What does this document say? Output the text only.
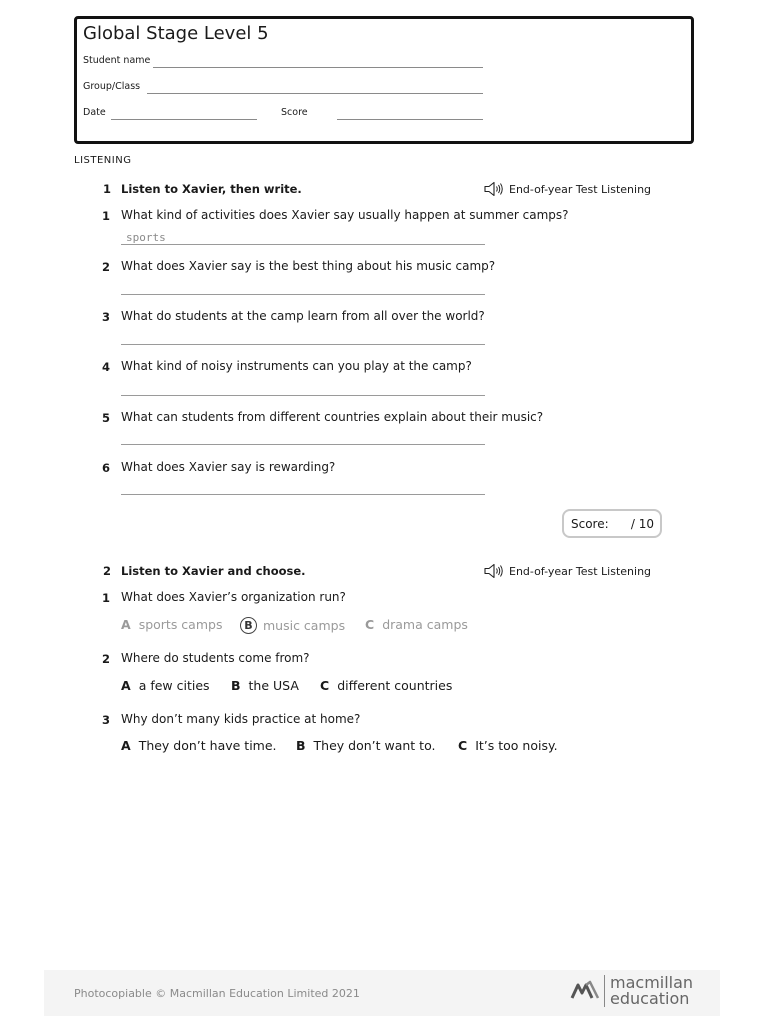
Global Stage Level 5
Student name
Group/Class
Date	Score
LISTENING
1 Listen to Xavier, then write.	End-of-year Test Listening
1 What kind of activities does Xavier say usually happen at summer camps?
sports
2 What does Xavier say is the best thing about his music camp?
3 What do students at the camp learn from all over the world?
4 What kind of noisy instruments can you play at the camp?
5 What can students from different countries explain about their music?
6 What does Xavier say is rewarding?
Score: / 10
2 Listen to Xavier and choose.	End-of-year Test Listening
1 What does Xavier’s organization run?
A sports camps	B music camps C drama camps
2 Where do students come from?
A a few cities B the USA C different countries
3 Why don’t many kids practice at home?
A They don’t have time. B They don’t want to. C It’s too noisy.
Photocopiable © Macmillan Education Limited 2021
macmillan
education
